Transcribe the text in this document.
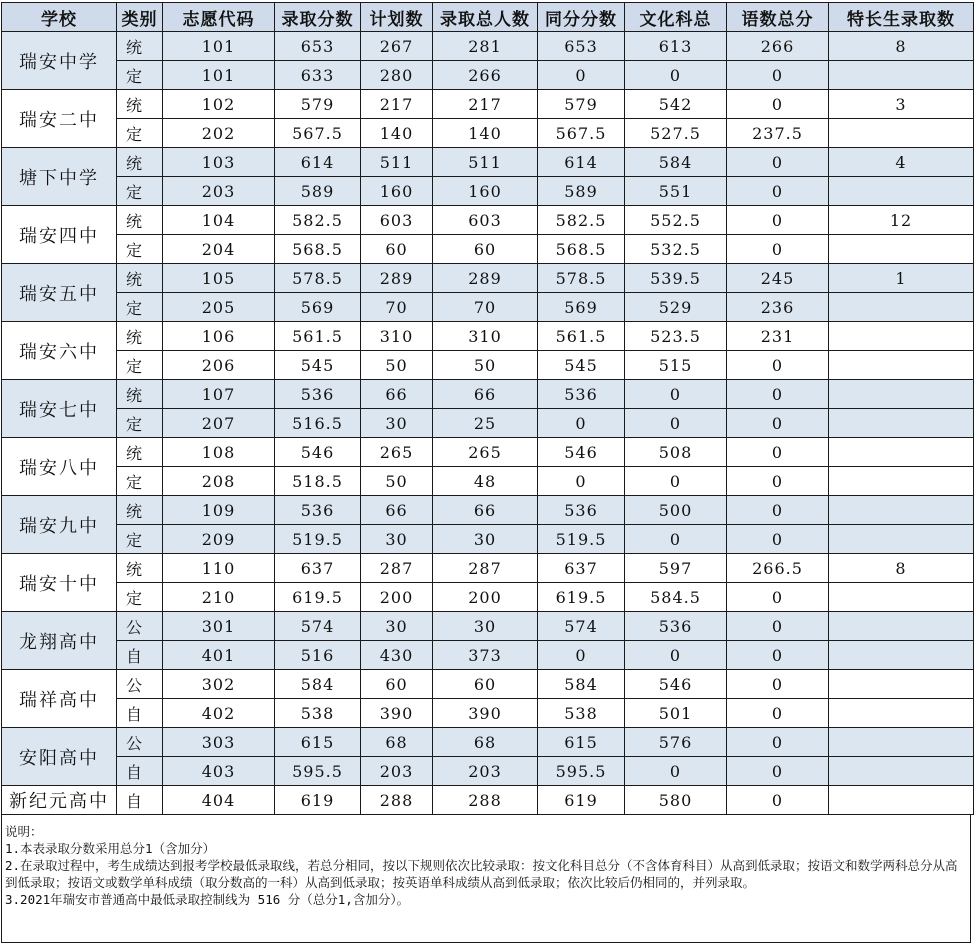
学校	类别	志愿代码	录取分数	计划数	录取总人数	同分分数	文化科总	语数总分	特长生录取数
瑞安中学	统	101	653	267	281	653	613	266	8
	定	101	633	280	266	0	0	0	
瑞安二中	统	102	579	217	217	579	542	0	3
	定	202	567.5	140	140	567.5	527.5	237.5	
塘下中学	统	103	614	511	511	614	584	0	4
	定	203	589	160	160	589	551	0	
瑞安四中	统	104	582.5	603	603	582.5	552.5	0	12
	定	204	568.5	60	60	568.5	532.5	0	
瑞安五中	统	105	578.5	289	289	578.5	539.5	245	1
	定	205	569	70	70	569	529	236	
瑞安六中	统	106	561.5	310	310	561.5	523.5	231	
	定	206	545	50	50	545	515	0	
瑞安七中	统	107	536	66	66	536	0	0	
	定	207	516.5	30	25	0	0	0	
瑞安八中	统	108	546	265	265	546	508	0	
	定	208	518.5	50	48	0	0	0	
瑞安九中	统	109	536	66	66	536	500	0	
	定	209	519.5	30	30	519.5	0	0	
瑞安十中	统	110	637	287	287	637	597	266.5	8
	定	210	619.5	200	200	619.5	584.5	0	
龙翔高中	公	301	574	30	30	574	536	0	
	自	401	516	430	373	0	0	0	
瑞祥高中	公	302	584	60	60	584	546	0	
	自	402	538	390	390	538	501	0	
安阳高中	公	303	615	68	68	615	576	0	
	自	403	595.5	203	203	595.5	0	0	
新纪元高中	自	404	619	288	288	619	580	0	
说明：
1.本表录取分数采用总分1（含加分）
2.在录取过程中，考生成绩达到报考学校最低录取线，若总分相同，按以下规则依次比较录取：按文化科目总分（不含体育科目）从高到低录取；按语文和数学两科总分从高到低录取；按语文或数学单科成绩（取分数高的一科）从高到低录取；按英语单科成绩从高到低录取；依次比较后仍相同的，并列录取。
3.2021年瑞安市普通高中最低录取控制线为 516 分（总分1,含加分）。
